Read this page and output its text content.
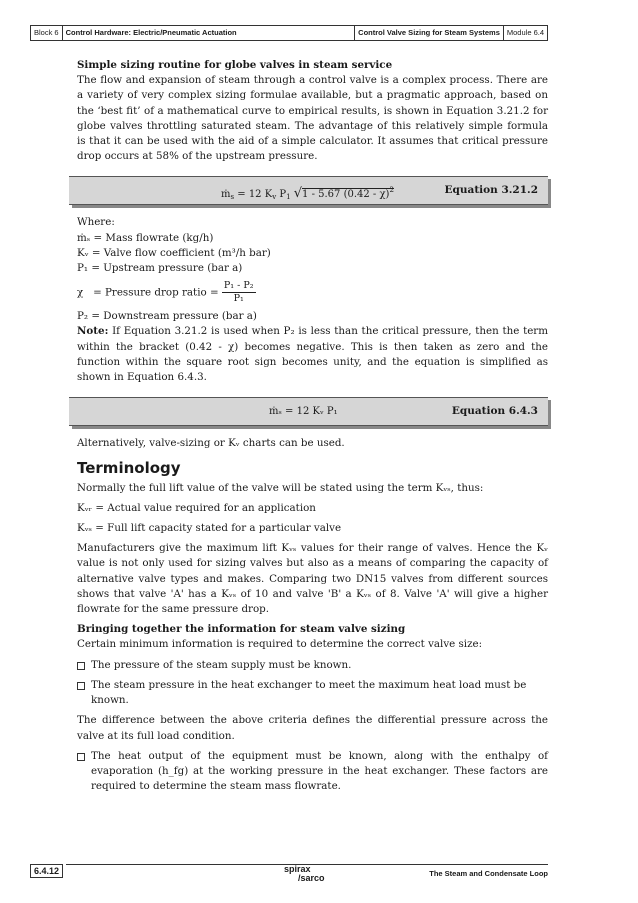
Block 6 Control Hardware: Electric/Pneumatic Actuation	Control Valve Sizing for Steam Systems Module 6.4

Simple sizing routine for globe valves in steam service

The flow and expansion of steam through a control valve is a complex process. There are a variety of very complex sizing formulae available, but a pragmatic approach, based on the ‘best fit’ of a mathematical curve to empirical results, is shown in Equation 3.21.2 for globe valves throttling saturated steam. The advantage of this relatively simple formula is that it can be used with the aid of a simple calculator. It assumes that critical pressure drop occurs at 58% of the upstream pressure.

ṁ$_s$ = 12 $K_v$ $P_1$ √1 - 5.67 (0.42 - χ)$^2$	Equation 3.21.2

Where:

ṁₛ = Mass flowrate (kg/h)

Kᵥ = Valve flow coefficient (m³/h bar)

P₁ = Upstream pressure (bar a)

χ = Pressure drop ratio = $\frac{\text{P₁ - P₂}}{\text{P₁}}$

P₂ = Downstream pressure (bar a)

Note: If Equation 3.21.2 is used when P₂ is less than the critical pressure, then the term within the bracket (0.42 - χ) becomes negative. This is then taken as zero and the function within the square root sign becomes unity, and the equation is simplified as shown in Equation 6.4.3.

ṁₛ = 12 Kᵥ P₁	Equation 6.4.3

Alternatively, valve-sizing or Kᵥ charts can be used.

Terminology

Normally the full lift value of the valve will be stated using the term Kᵥₛ, thus:

Kᵥᵣ = Actual value required for an application

Kᵥₛ = Full lift capacity stated for a particular valve

Manufacturers give the maximum lift Kᵥₛ values for their range of valves. Hence the Kᵥ value is not only used for sizing valves but also as a means of comparing the capacity of alternative valve types and makes. Comparing two DN15 valves from different sources shows that valve 'A' has a Kᵥₛ of 10 and valve 'B' a Kᵥₛ of 8. Valve 'A' will give a higher flowrate for the same pressure drop.

Bringing together the information for steam valve sizing

Certain minimum information is required to determine the correct valve size:

The pressure of the steam supply must be known.
The steam pressure in the heat exchanger to meet the maximum heat load must be known.

The difference between the above criteria defines the differential pressure across the valve at its full load condition.

The heat output of the equipment must be known, along with the enthalpy of evaporation (h_fg) at the working pressure in the heat exchanger. These factors are required to determine the steam mass flowrate.
6.4.12	spirax
/sarco	The Steam and Condensate Loop
